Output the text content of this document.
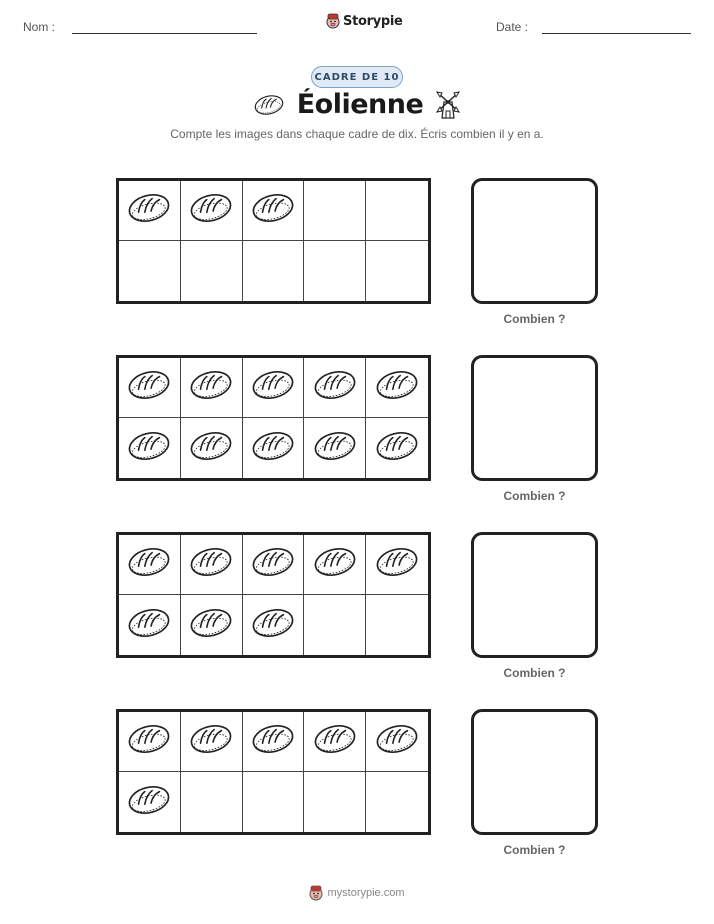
Nom :	Storypie	Date :
CADRE DE 10
Éolienne
Compte les images dans chaque cadre de dix. Écris combien il y en a.
Combien ?
Combien ?
Combien ?
Combien ?
mystorypie.com
